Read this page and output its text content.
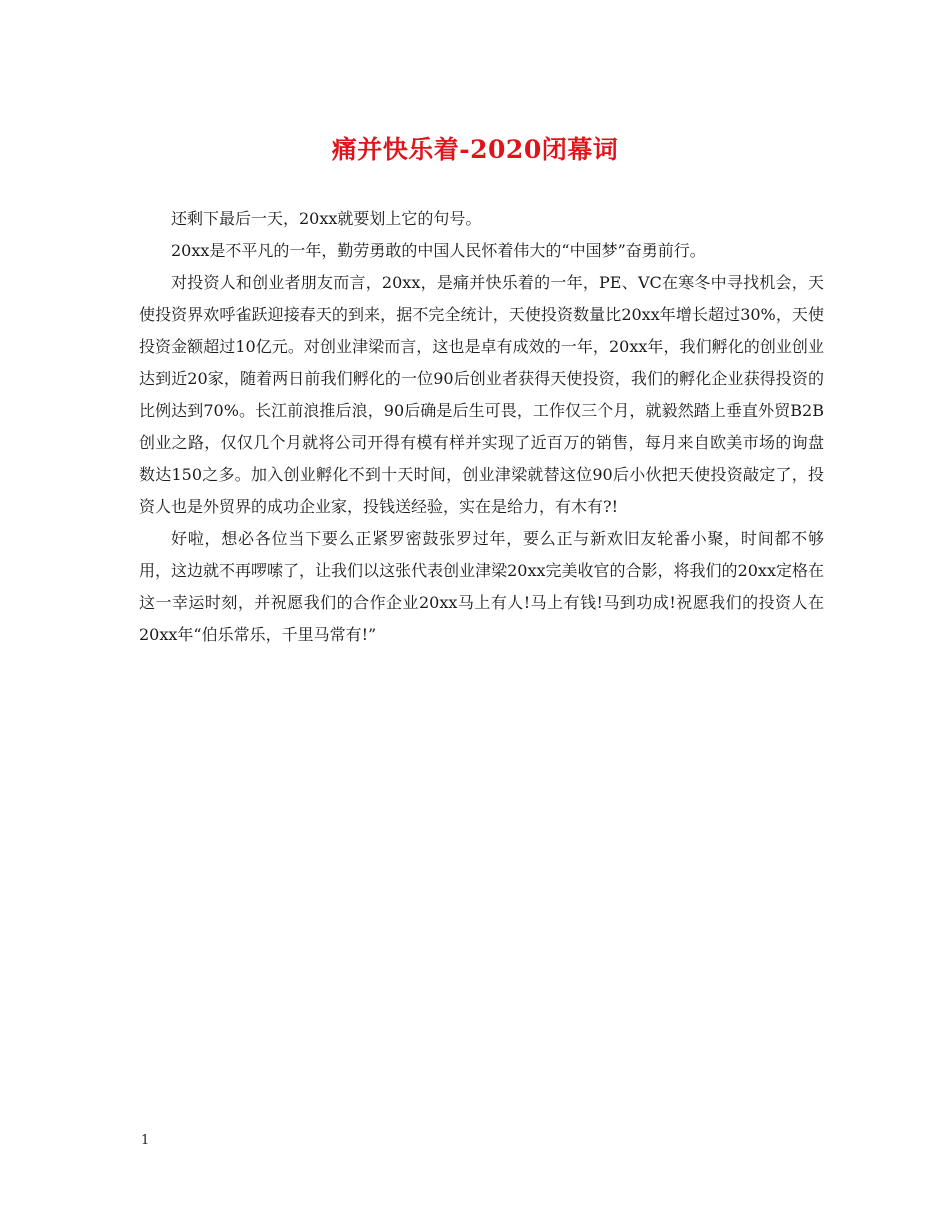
痛并快乐着-2020闭幕词

还剩下最后一天，20xx就要划上它的句号。

20xx是不平凡的一年，勤劳勇敢的中国人民怀着伟大的“中国梦”奋勇前行。

对投资人和创业者朋友而言，20xx，是痛并快乐着的一年，PE、VC在寒冬中寻找机会，天使投资界欢呼雀跃迎接春天的到来，据不完全统计，天使投资数量比20xx年增长超过30%，天使投资金额超过10亿元。对创业津梁而言，这也是卓有成效的一年，20xx年，我们孵化的创业创业达到近20家，随着两日前我们孵化的一位90后创业者获得天使投资，我们的孵化企业获得投资的比例达到70%。长江前浪推后浪，90后确是后生可畏，工作仅三个月，就毅然踏上垂直外贸B2B创业之路，仅仅几个月就将公司开得有模有样并实现了近百万的销售，每月来自欧美市场的询盘数达150之多。加入创业孵化不到十天时间，创业津梁就替这位90后小伙把天使投资敲定了，投资人也是外贸界的成功企业家，投钱送经验，实在是给力，有木有?!

好啦，想必各位当下要么正紧罗密鼓张罗过年，要么正与新欢旧友轮番小聚，时间都不够用，这边就不再啰嗦了，让我们以这张代表创业津梁20xx完美收官的合影，将我们的20xx定格在这一幸运时刻，并祝愿我们的合作企业20xx马上有人!马上有钱!马到功成!祝愿我们的投资人在20xx年“伯乐常乐，千里马常有!”

1
